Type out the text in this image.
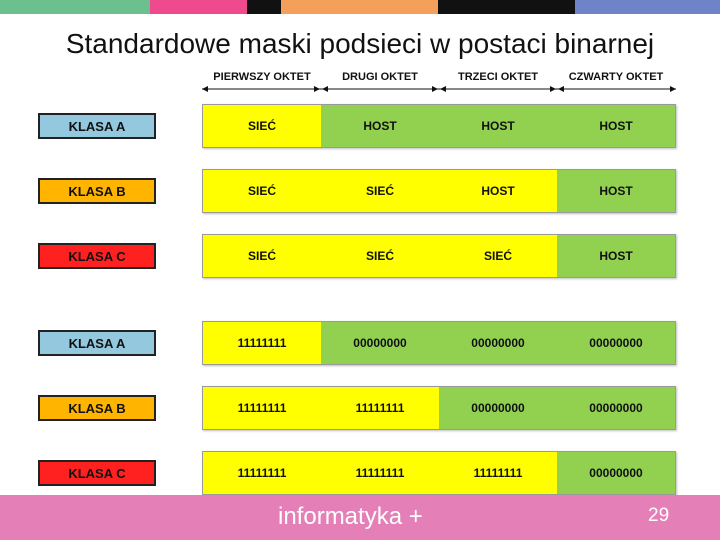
Standardowe maski podsieci w postaci binarnej
PIERWSZY OKTET	DRUGI OKTET	TRZECI OKTET	CZWARTY OKTET
KLASA A	SIEĆ	HOST	HOST	HOST
KLASA B	SIEĆ	SIEĆ	HOST	HOST
KLASA C	SIEĆ	SIEĆ	SIEĆ	HOST
KLASA A	11111111	00000000	00000000	00000000
KLASA B	11111111	11111111	00000000	00000000
KLASA C	11111111	11111111	11111111	00000000
informatyka +	29
